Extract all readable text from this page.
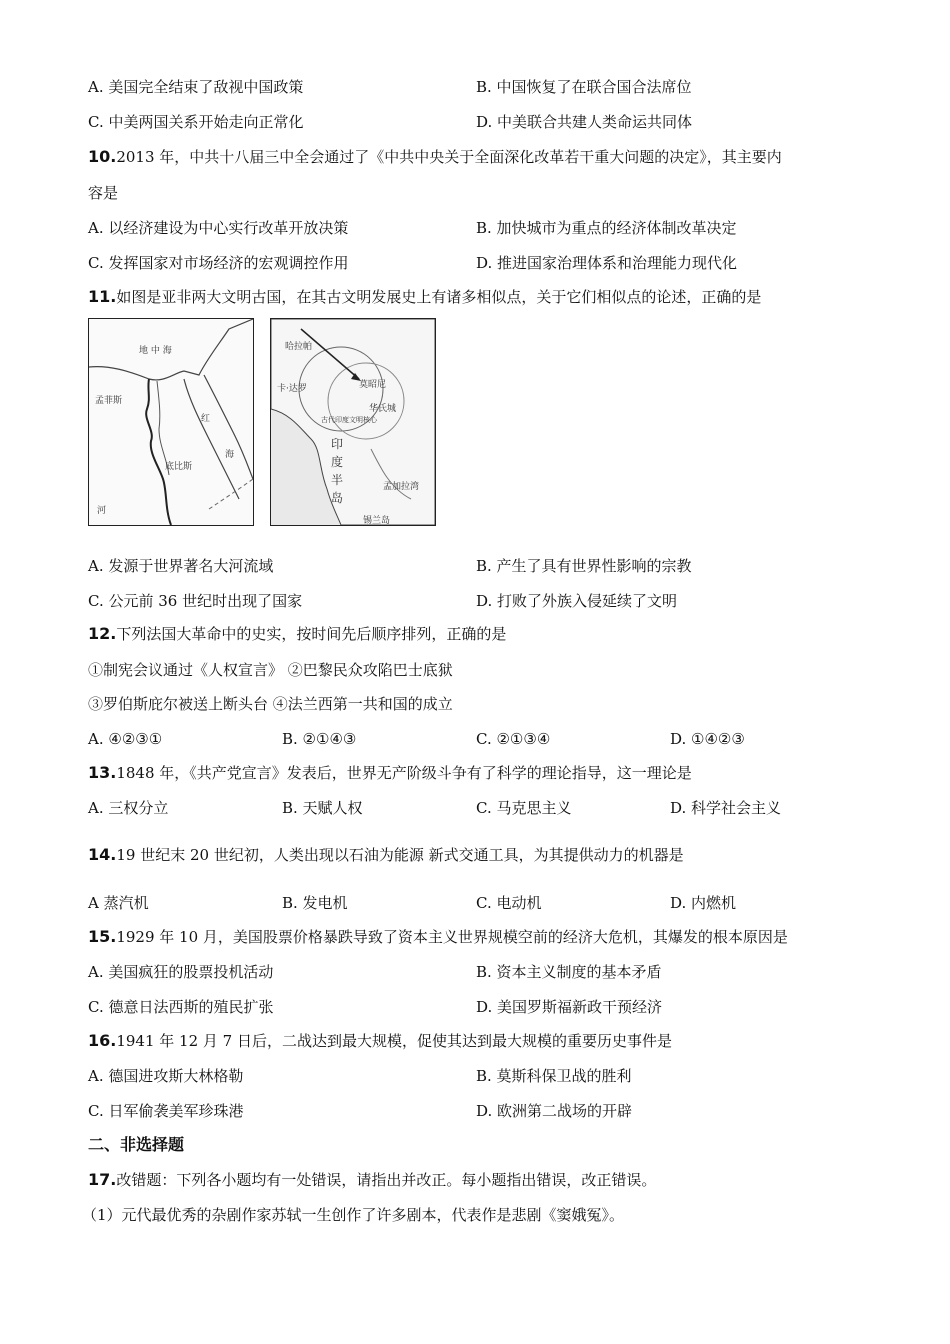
A. 美国完全结束了敌视中国政策	B. 中国恢复了在联合国合法席位
C. 中美两国关系开始走向正常化	D. 中美联合共建人类命运共同体
10.2013 年，中共十八届三中全会通过了《中共中央关于全面深化改革若干重大问题的决定》，其主要内
容是
A. 以经济建设为中心实行改革开放决策	B. 加快城市为重点的经济体制改革决定
C. 发挥国家对市场经济的宏观调控作用	D. 推进国家治理体系和治理能力现代化
11.如图是亚非两大文明古国，在其古文明发展史上有诸多相似点，关于它们相似点的论述，正确的是
地 中 海
孟菲斯
底比斯
红
海
河
哈拉帕
卡·达罗	莫昭尼
华氏城
古代印度文明核心
印
度
半
岛
孟加拉湾
锡兰岛
A. 发源于世界著名大河流域	B. 产生了具有世界性影响的宗教
C. 公元前 36 世纪时出现了国家	D. 打败了外族入侵延续了文明
12.下列法国大革命中的史实，按时间先后顺序排列，正确的是
①制宪会议通过《人权宣言》 ②巴黎民众攻陷巴士底狱
③罗伯斯庇尔被送上断头台 ④法兰西第一共和国的成立
A. ④②③①	B. ②①④③	C. ②①③④	D. ①④②③
13.1848 年，《共产党宣言》发表后，世界无产阶级斗争有了科学的理论指导，这一理论是
A. 三权分立	B. 天赋人权	C. 马克思主义	D. 科学社会主义
14.19 世纪末 20 世纪初，人类出现以石油为能源 新式交通工具，为其提供动力的机器是
A 蒸汽机	B. 发电机	C. 电动机	D. 内燃机
15.1929 年 10 月，美国股票价格暴跌导致了资本主义世界规模空前的经济大危机，其爆发的根本原因是
A. 美国疯狂的股票投机活动	B. 资本主义制度的基本矛盾
C. 德意日法西斯的殖民扩张	D. 美国罗斯福新政干预经济
16.1941 年 12 月 7 日后，二战达到最大规模，促使其达到最大规模的重要历史事件是
A. 德国进攻斯大林格勒	B. 莫斯科保卫战的胜利
C. 日军偷袭美军珍珠港	D. 欧洲第二战场的开辟
二、非选择题
17.改错题：下列各小题均有一处错误，请指出并改正。每小题指出错误，改正错误。
（1）元代最优秀的杂剧作家苏轼一生创作了许多剧本，代表作是悲剧《窦娥冤》。
